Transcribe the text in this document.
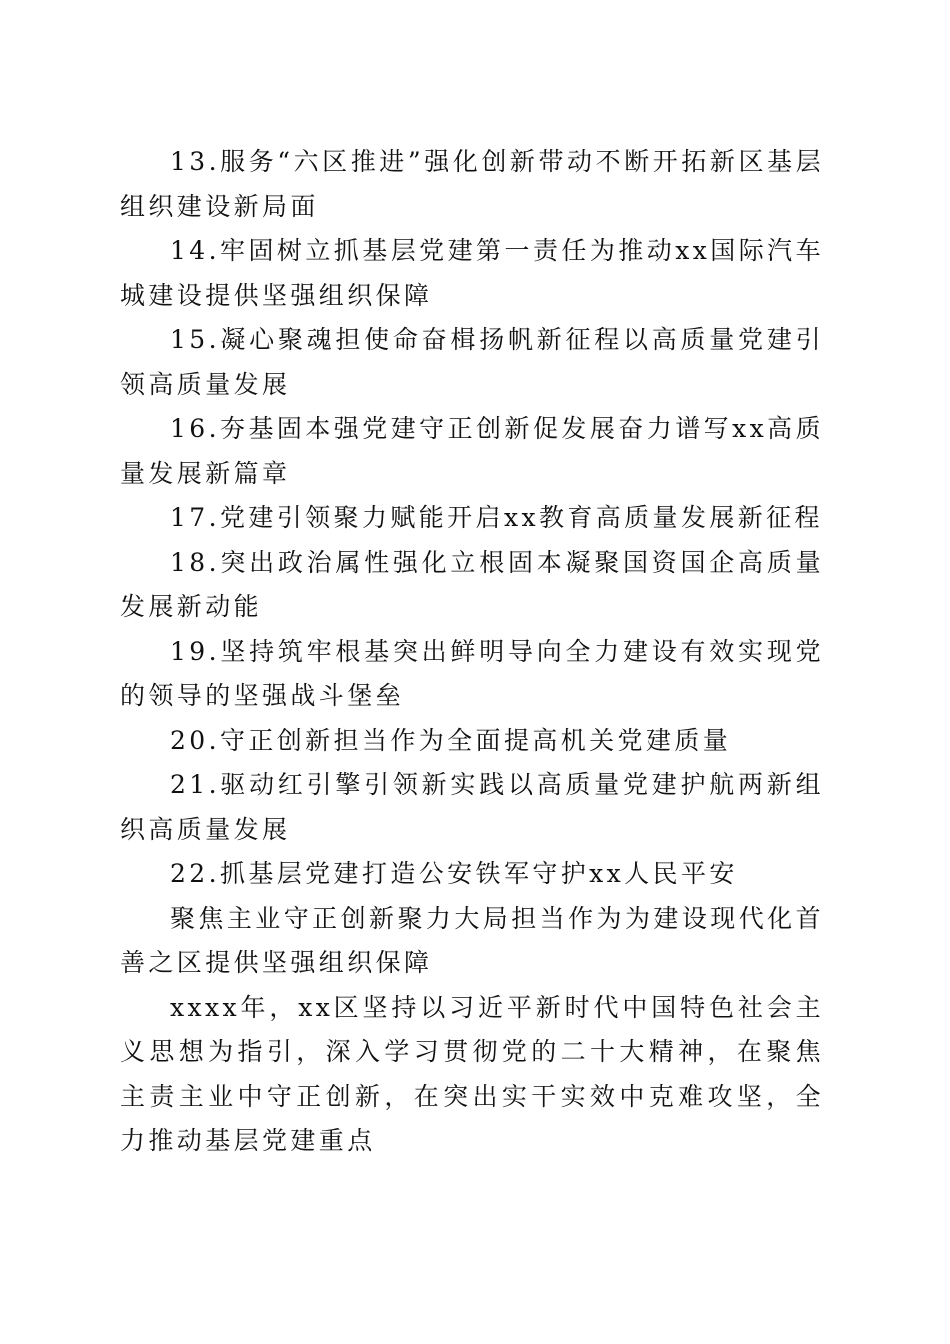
13.服务“六区推进”强化创新带动不断开拓新区基层组织建设新局面

14.牢固树立抓基层党建第一责任为推动xx国际汽车城建设提供坚强组织保障

15.凝心聚魂担使命奋楫扬帆新征程以高质量党建引领高质量发展

16.夯基固本强党建守正创新促发展奋力谱写xx高质量发展新篇章

17.党建引领聚力赋能开启xx教育高质量发展新征程

18.突出政治属性强化立根固本凝聚国资国企高质量发展新动能

19.坚持筑牢根基突出鲜明导向全力建设有效实现党的领导的坚强战斗堡垒

20.守正创新担当作为全面提高机关党建质量

21.驱动红引擎引领新实践以高质量党建护航两新组织高质量发展

22.抓基层党建打造公安铁军守护xx人民平安

聚焦主业守正创新聚力大局担当作为为建设现代化首善之区提供坚强组织保障

xxxx年，xx区坚持以习近平新时代中国特色社会主义思想为指引，深入学习贯彻党的二十大精神，在聚焦主责主业中守正创新，在突出实干实效中克难攻坚，全力推动基层党建重点
